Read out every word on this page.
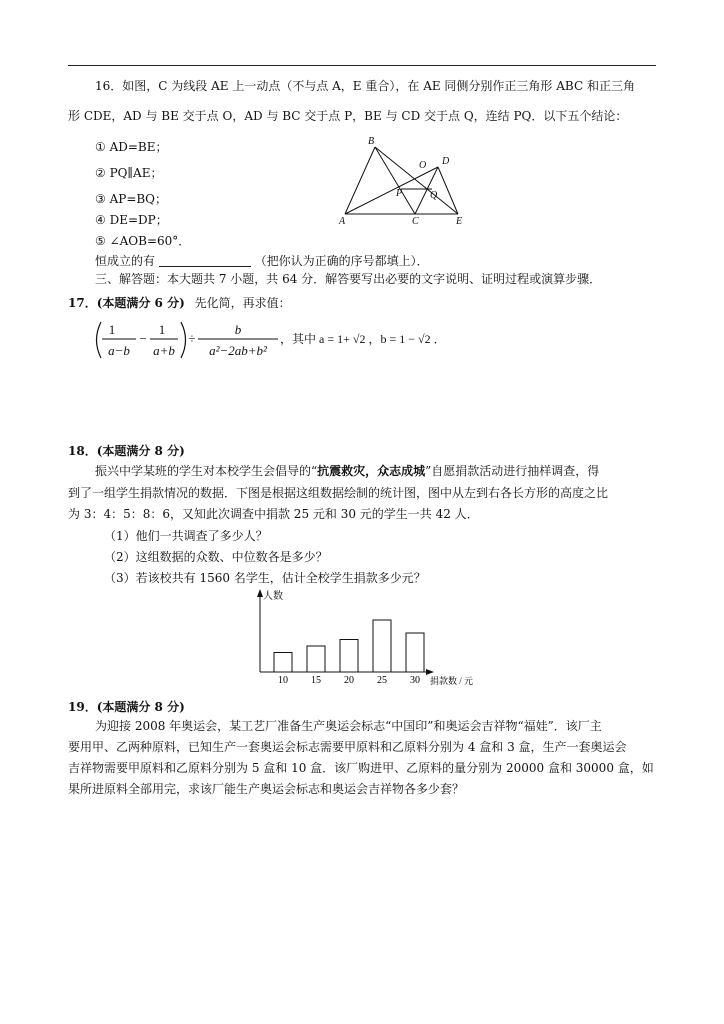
16．如图，C 为线段 AE 上一动点（不与点 A，E 重合），在 AE 同侧分别作正三角形 ABC 和正三角
形 CDE，AD 与 BE 交于点 O，AD 与 BC 交于点 P，BE 与 CD 交于点 Q，连结 PQ．以下五个结论：
① AD=BE；
② PQ∥AE；
③ AP=BQ；
④ DE=DP；
⑤ ∠AOB=60°．
恒成立的有	（把你认为正确的序号都填上）．
B
O D
P	Q
A	C	E
三、解答题：本大题共 7 小题，共 64 分．解答要写出必要的文字说明、证明过程或演算步骤．
17．(本题满分 6 分) 先化简，再求值：
1
a−b
−
1
a+b
÷
b
a²−2ab+b²
，其中 a = 1+ √2 ，b = 1 − √2 ．
18．(本题满分 8 分)
振兴中学某班的学生对本校学生会倡导的“抗震救灾，众志成城”自愿捐款活动进行抽样调查，得
到了一组学生捐款情况的数据．下图是根据这组数据绘制的统计图，图中从左到右各长方形的高度之比
为 3：4：5：8：6，又知此次调查中捐款 25 元和 30 元的学生一共 42 人．
（1）他们一共调查了多少人？
（2）这组数据的众数、中位数各是多少？
（3）若该校共有 1560 名学生，估计全校学生捐款多少元？
人数
捐款数 / 元
10 15 20 25 30
19．(本题满分 8 分)
为迎接 2008 年奥运会，某工艺厂准备生产奥运会标志“中国印”和奥运会吉祥物“福娃”．该厂主
要用甲、乙两种原料，已知生产一套奥运会标志需要甲原料和乙原料分别为 4 盒和 3 盒，生产一套奥运会
吉祥物需要甲原料和乙原料分别为 5 盒和 10 盒．该厂购进甲、乙原料的量分别为 20000 盒和 30000 盒，如
果所进原料全部用完，求该厂能生产奥运会标志和奥运会吉祥物各多少套？
